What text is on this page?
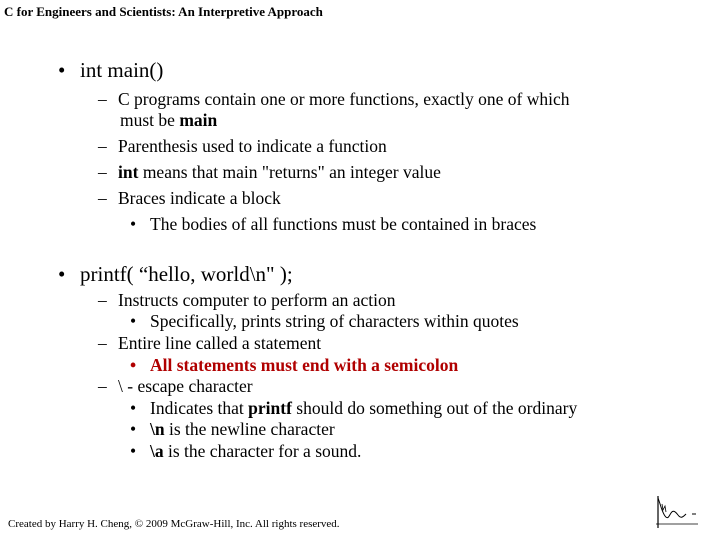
C for Engineers and Scientists: An Interpretive Approach
• int main()
– C programs contain one or more functions, exactly one of which
must be main
– Parenthesis used to indicate a function
– int means that main "returns" an integer value
– Braces indicate a block
• The bodies of all functions must be contained in braces
• printf( “hello, world\n" );
– Instructs computer to perform an action
• Specifically, prints string of characters within quotes
– Entire line called a statement
• All statements must end with a semicolon
– \ - escape character
• Indicates that printf should do something out of the ordinary
• \n is the newline character
• \a is the character for a sound.
Created by Harry H. Cheng, © 2009 McGraw-Hill, Inc. All rights reserved.
